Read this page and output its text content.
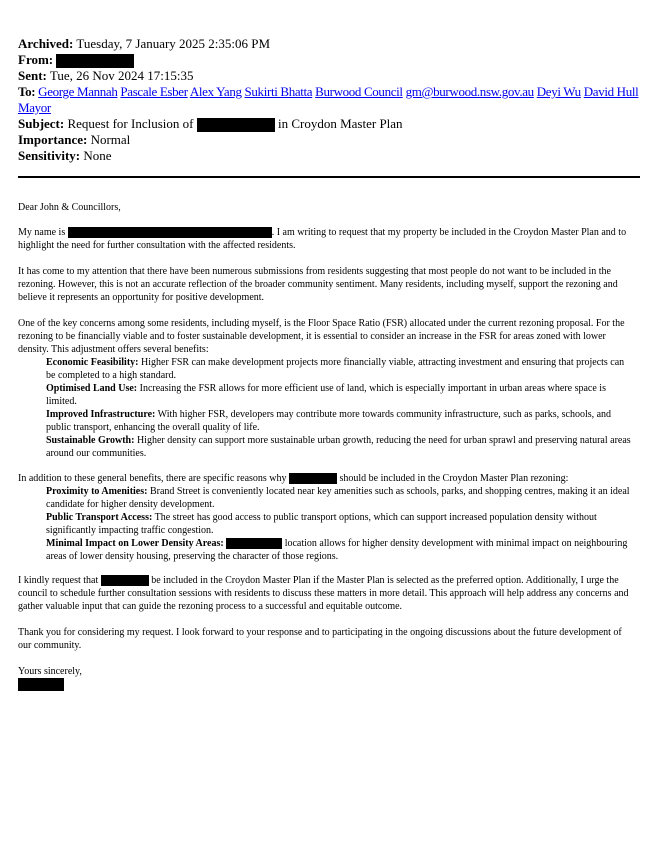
Archived: Tuesday, 7 January 2025 2:35:06 PM
From:
Sent: Tue, 26 Nov 2024 17:15:35
To: George Mannah Pascale Esber Alex Yang Sukirti Bhatta Burwood Council gm@burwood.nsw.gov.au Deyi Wu David Hull
Mayor
Subject: Request for Inclusion of	in Croydon Master Plan
Importance: Normal
Sensitivity: None

Dear John & Councillors,

My name is	. I am writing to request that my property be included in the Croydon Master Plan and to highlight the need for further consultation with the affected residents.

It has come to my attention that there have been numerous submissions from residents suggesting that most people do not want to be included in the rezoning. However, this is not an accurate reflection of the broader community sentiment. Many residents, including myself, support the rezoning and believe it represents an opportunity for positive development.

One of the key concerns among some residents, including myself, is the Floor Space Ratio (FSR) allocated under the current rezoning proposal. For the rezoning to be financially viable and to foster sustainable development, it is essential to consider an increase in the FSR for areas zoned with lower density. This adjustment offers several benefits:

Economic Feasibility: Higher FSR can make development projects more financially viable, attracting investment and ensuring that projects can be completed to a high standard.

Optimised Land Use: Increasing the FSR allows for more efficient use of land, which is especially important in urban areas where space is limited.

Improved Infrastructure: With higher FSR, developers may contribute more towards community infrastructure, such as parks, schools, and public transport, enhancing the overall quality of life.

Sustainable Growth: Higher density can support more sustainable urban growth, reducing the need for urban sprawl and preserving natural areas around our communities.

In addition to these general benefits, there are specific reasons why	should be included in the Croydon Master Plan rezoning:

Proximity to Amenities: Brand Street is conveniently located near key amenities such as schools, parks, and shopping centres, making it an ideal candidate for higher density development.

Public Transport Access: The street has good access to public transport options, which can support increased population density without significantly impacting traffic congestion.

Minimal Impact on Lower Density Areas:	location allows for higher density development with minimal impact on neighbouring areas of lower density housing, preserving the character of those regions.

I kindly request that	be included in the Croydon Master Plan if the Master Plan is selected as the preferred option. Additionally, I urge the council to schedule further consultation sessions with residents to discuss these matters in more detail. This approach will help address any concerns and gather valuable input that can guide the rezoning process to a successful and equitable outcome.

Thank you for considering my request. I look forward to your response and to participating in the ongoing discussions about the future development of our community.

Yours sincerely,
